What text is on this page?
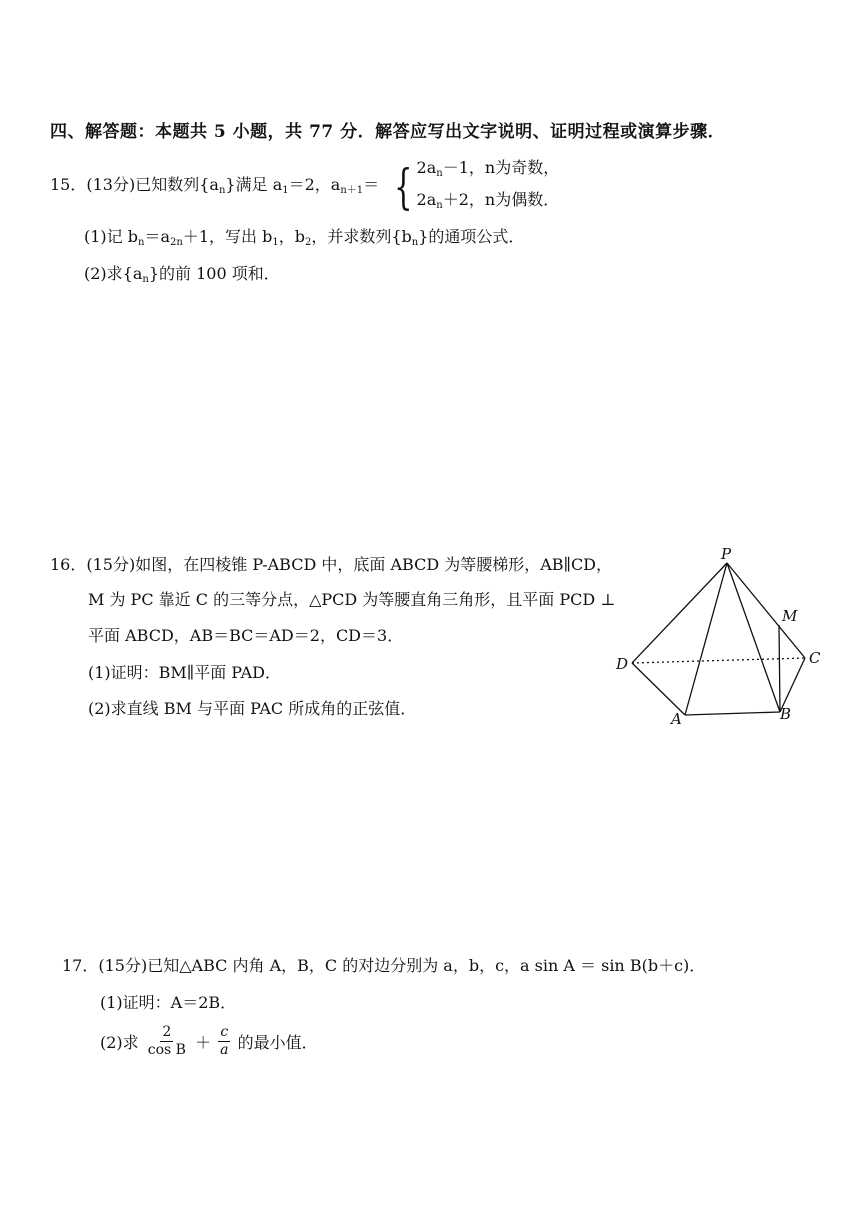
四、解答题：本题共 5 小题，共 77 分．解答应写出文字说明、证明过程或演算步骤．
15．(13分)已知数列$\{a_n\}$满足 $a_1=2$，$a_{n+1}=$ { $2a_n-1$，n为奇数，
$2a_n+2$，n为偶数．
(1)记 $b_n=a_{2n}+1$，写出 $b_1$，$b_2$，并求数列$\{b_n\}$的通项公式．
(2)求$\{a_n\}$的前 100 项和．
16．(15分)如图，在四棱锥 P-ABCD 中，底面 ABCD 为等腰梯形，AB∥CD，
M 为 PC 靠近 C 的三等分点，△PCD 为等腰直角三角形，且平面 PCD ⊥
平面 ABCD，AB＝BC＝AD＝2，CD＝3．
(1)证明：BM∥平面 PAD．
(2)求直线 BM 与平面 PAC 所成角的正弦值．
P
M
D	C
A	B
17．(15分)已知△ABC 内角 A，B，C 的对边分别为 a，b，c，a sin A ＝ sin B(b＋c)．
(1)证明：A＝2B．
(2)求 $\frac{2}{\text{cos B}} + \frac{c}{a}$ 的最小值．
